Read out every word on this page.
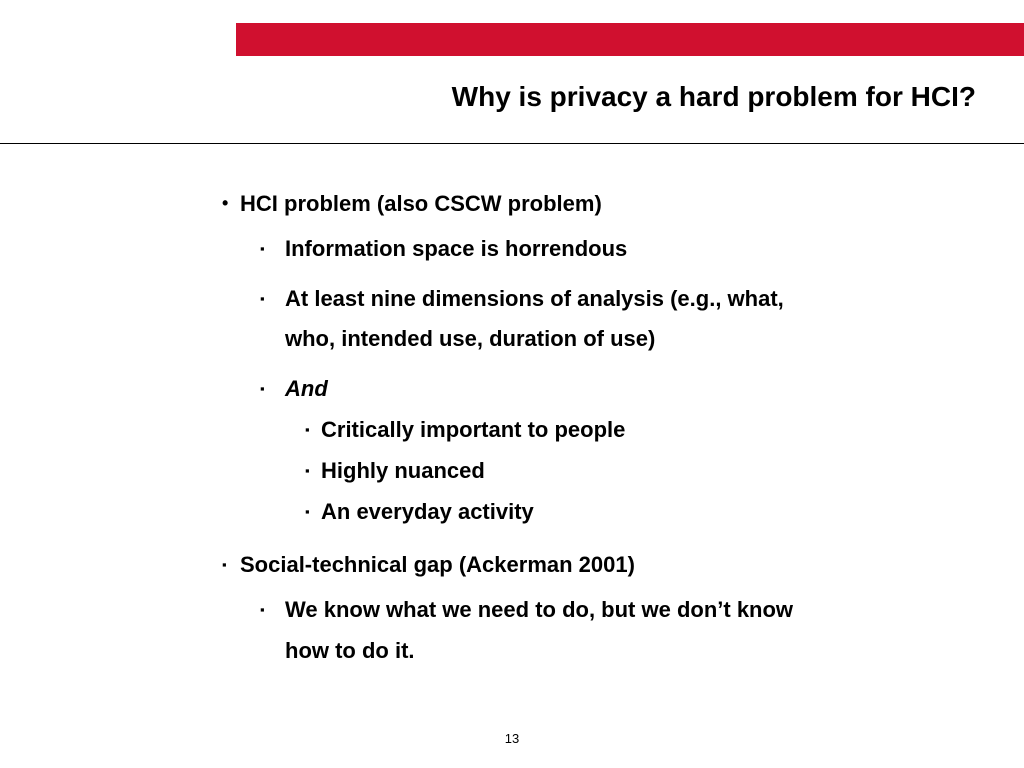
Why is privacy a hard problem for HCI?
• HCI problem (also CSCW problem)
▪ Information space is horrendous
▪ At least nine dimensions of analysis (e.g., what,
who, intended use, duration of use)
▪ And
▪ Critically important to people
▪ Highly nuanced
▪ An everyday activity
▪ Social-technical gap (Ackerman 2001)
▪ We know what we need to do, but we don’t know
how to do it.
13
